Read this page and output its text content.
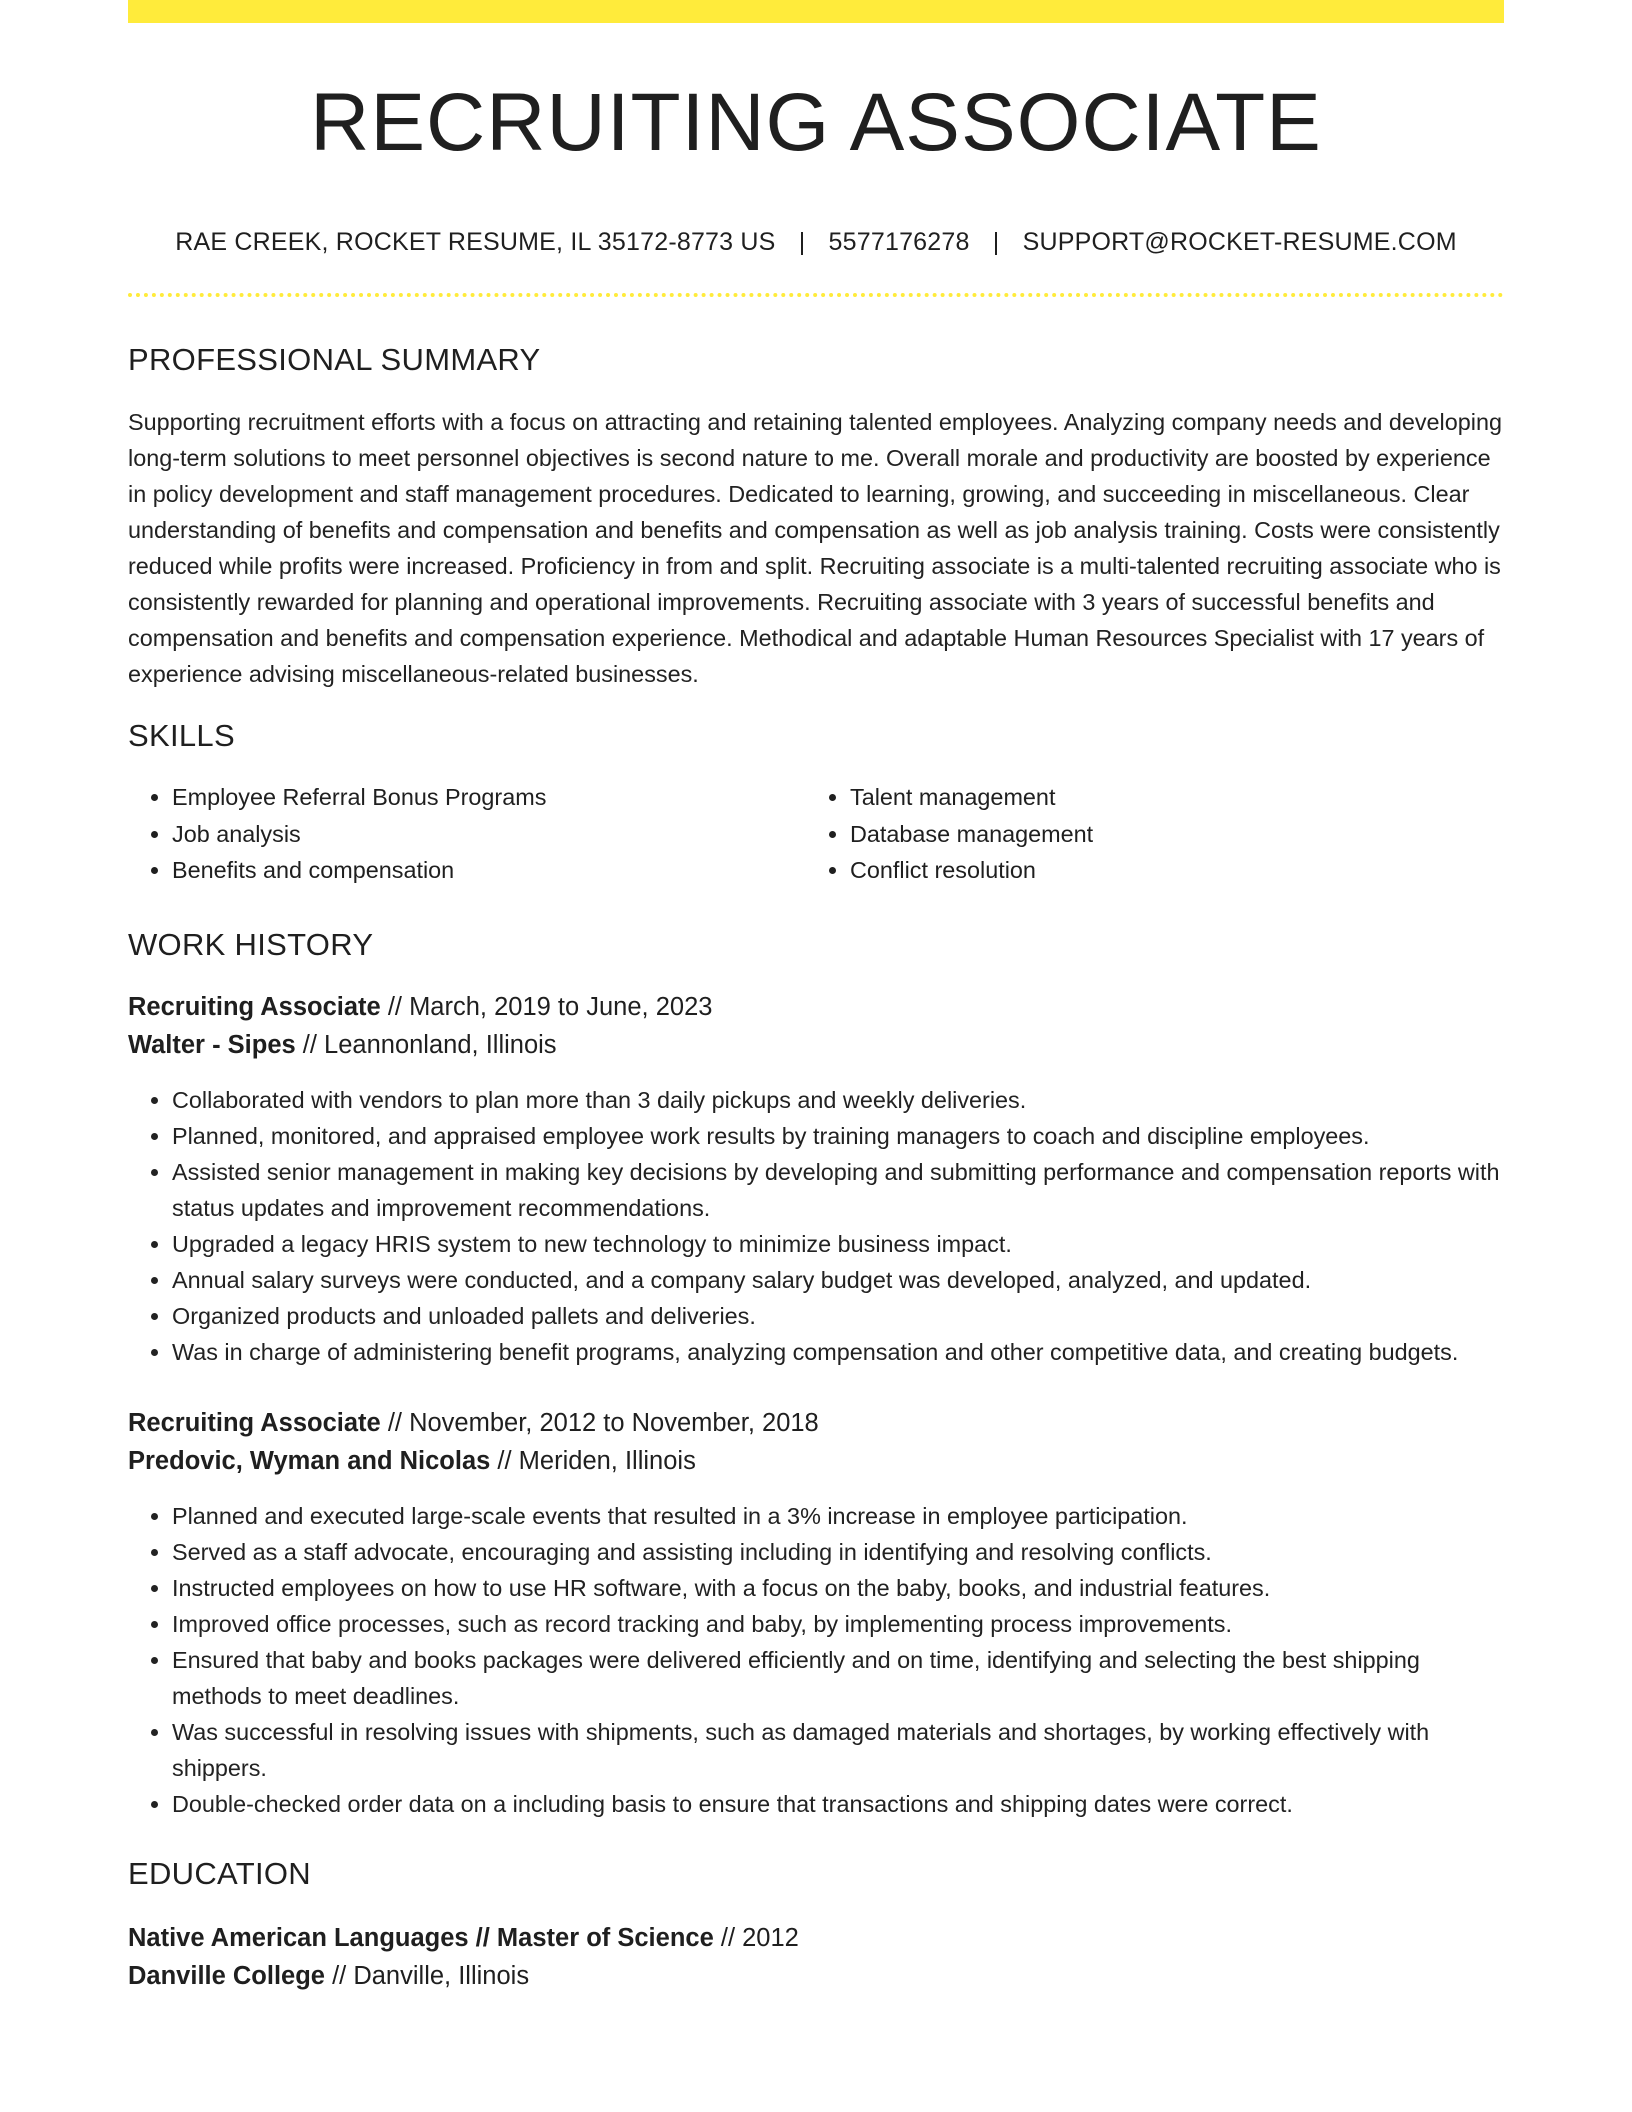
RECRUITING ASSOCIATE
RAE CREEK, ROCKET RESUME, IL 35172-8773 US | 5577176278 | SUPPORT@ROCKET-RESUME.COM
PROFESSIONAL SUMMARY
Supporting recruitment efforts with a focus on attracting and retaining talented employees. Analyzing company needs and developing long-term solutions to meet personnel objectives is second nature to me. Overall morale and productivity are boosted by experience in policy development and staff management procedures. Dedicated to learning, growing, and succeeding in miscellaneous. Clear understanding of benefits and compensation and benefits and compensation as well as job analysis training. Costs were consistently reduced while profits were increased. Proficiency in from and split. Recruiting associate is a multi-talented recruiting associate who is consistently rewarded for planning and operational improvements. Recruiting associate with 3 years of successful benefits and compensation and benefits and compensation experience. Methodical and adaptable Human Resources Specialist with 17 years of experience advising miscellaneous-related businesses.
SKILLS
• Employee Referral Bonus Programs
• Job analysis
• Benefits and compensation
• Talent management
• Database management
• Conflict resolution
WORK HISTORY
Recruiting Associate // March, 2019 to June, 2023
Walter - Sipes // Leannonland, Illinois
• Collaborated with vendors to plan more than 3 daily pickups and weekly deliveries.
• Planned, monitored, and appraised employee work results by training managers to coach and discipline employees.
• Assisted senior management in making key decisions by developing and submitting performance and compensation reports with status updates and improvement recommendations.
• Upgraded a legacy HRIS system to new technology to minimize business impact.
• Annual salary surveys were conducted, and a company salary budget was developed, analyzed, and updated.
• Organized products and unloaded pallets and deliveries.
• Was in charge of administering benefit programs, analyzing compensation and other competitive data, and creating budgets.
Recruiting Associate // November, 2012 to November, 2018
Predovic, Wyman and Nicolas // Meriden, Illinois
• Planned and executed large-scale events that resulted in a 3% increase in employee participation.
• Served as a staff advocate, encouraging and assisting including in identifying and resolving conflicts.
• Instructed employees on how to use HR software, with a focus on the baby, books, and industrial features.
• Improved office processes, such as record tracking and baby, by implementing process improvements.
• Ensured that baby and books packages were delivered efficiently and on time, identifying and selecting the best shipping methods to meet deadlines.
• Was successful in resolving issues with shipments, such as damaged materials and shortages, by working effectively with shippers.
• Double-checked order data on a including basis to ensure that transactions and shipping dates were correct.
EDUCATION
Native American Languages // Master of Science // 2012
Danville College // Danville, Illinois
